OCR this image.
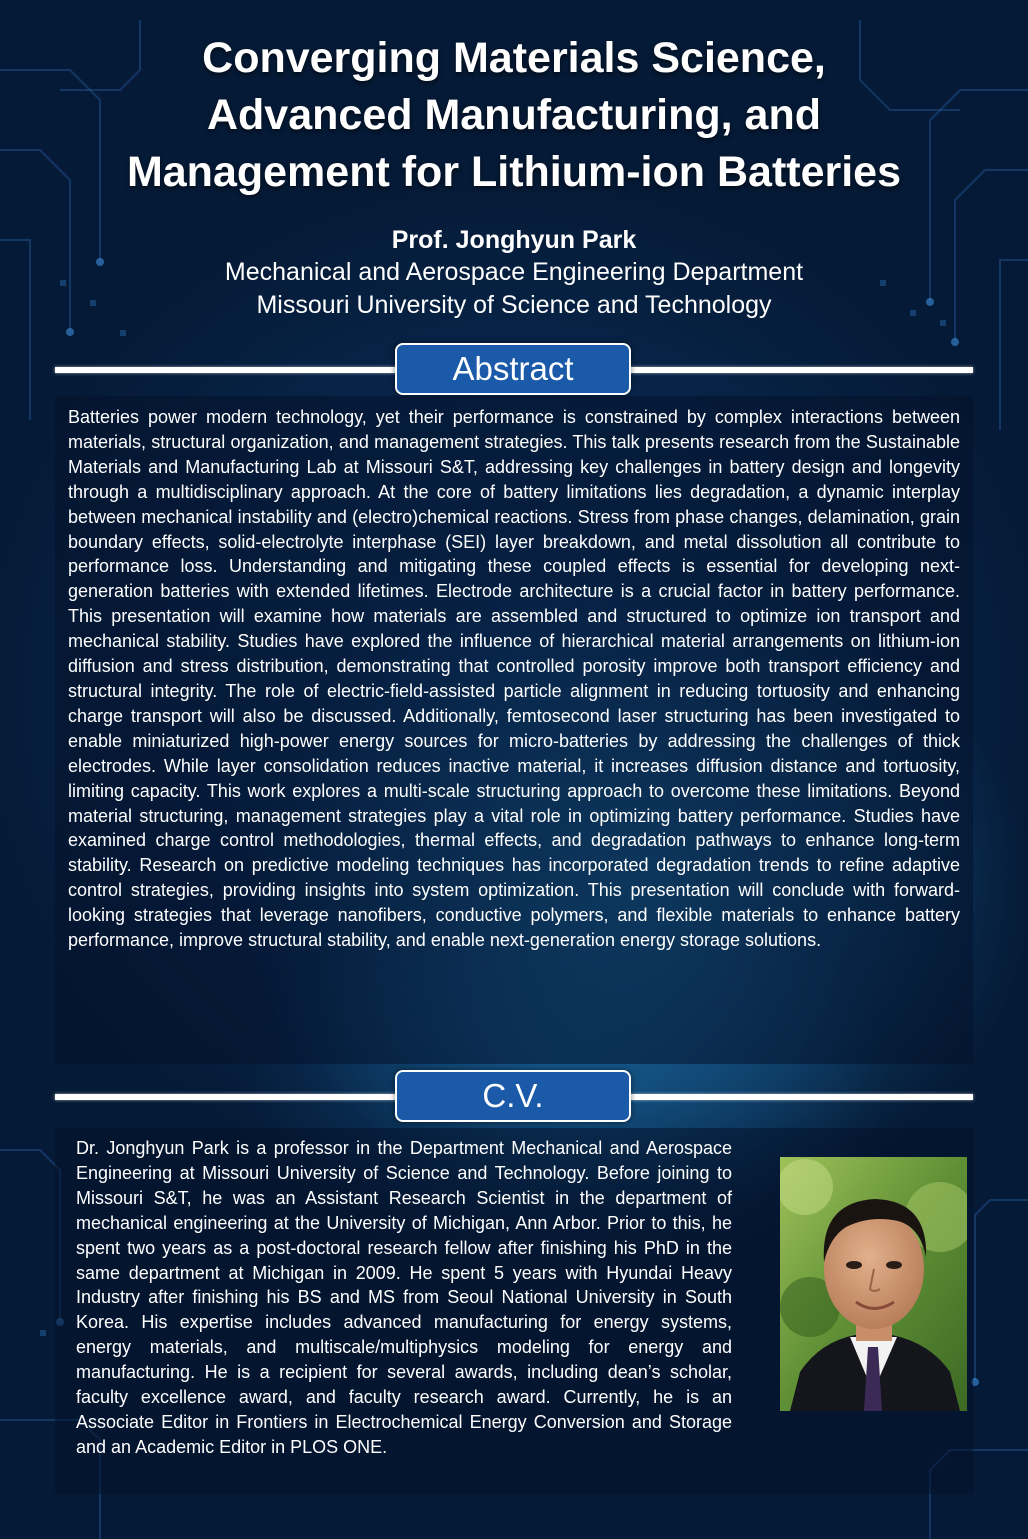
Converging Materials Science,
Advanced Manufacturing, and
Management for Lithium-ion Batteries
Prof. Jonghyun Park
Mechanical and Aerospace Engineering Department
Missouri University of Science and Technology
Abstract

Batteries power modern technology, yet their performance is constrained by complex interactions between materials, structural organization, and management strategies. This talk presents research from the Sustainable Materials and Manufacturing Lab at Missouri S&T, addressing key challenges in battery design and longevity through a multidisciplinary approach. At the core of battery limitations lies degradation, a dynamic interplay between mechanical instability and (electro)chemical reactions. Stress from phase changes, delamination, grain boundary effects, solid-electrolyte interphase (SEI) layer breakdown, and metal dissolution all contribute to performance loss. Understanding and mitigating these coupled effects is essential for developing next-generation batteries with extended lifetimes. Electrode architecture is a crucial factor in battery performance. This presentation will examine how materials are assembled and structured to optimize ion transport and mechanical stability. Studies have explored the influence of hierarchical material arrangements on lithium-ion diffusion and stress distribution, demonstrating that controlled porosity improve both transport efficiency and structural integrity. The role of electric-field-assisted particle alignment in reducing tortuosity and enhancing charge transport will also be discussed. Additionally, femtosecond laser structuring has been investigated to enable miniaturized high-power energy sources for micro-batteries by addressing the challenges of thick electrodes. While layer consolidation reduces inactive material, it increases diffusion distance and tortuosity, limiting capacity. This work explores a multi-scale structuring approach to overcome these limitations. Beyond material structuring, management strategies play a vital role in optimizing battery performance. Studies have examined charge control methodologies, thermal effects, and degradation pathways to enhance long-term stability. Research on predictive modeling techniques has incorporated degradation trends to refine adaptive control strategies, providing insights into system optimization. This presentation will conclude with forward-looking strategies that leverage nanofibers, conductive polymers, and flexible materials to enhance battery performance, improve structural stability, and enable next-generation energy storage solutions.

C.V.

Dr. Jonghyun Park is a professor in the Department Mechanical and Aerospace Engineering at Missouri University of Science and Technology. Before joining to Missouri S&T, he was an Assistant Research Scientist in the department of mechanical engineering at the University of Michigan, Ann Arbor. Prior to this, he spent two years as a post-doctoral research fellow after finishing his PhD in the same department at Michigan in 2009. He spent 5 years with Hyundai Heavy Industry after finishing his BS and MS from Seoul National University in South Korea. His expertise includes advanced manufacturing for energy systems, energy materials, and multiscale/multiphysics modeling for energy and manufacturing. He is a recipient for several awards, including dean’s scholar, faculty excellence award, and faculty research award. Currently, he is an Associate Editor in Frontiers in Electrochemical Energy Conversion and Storage and an Academic Editor in PLOS ONE.
